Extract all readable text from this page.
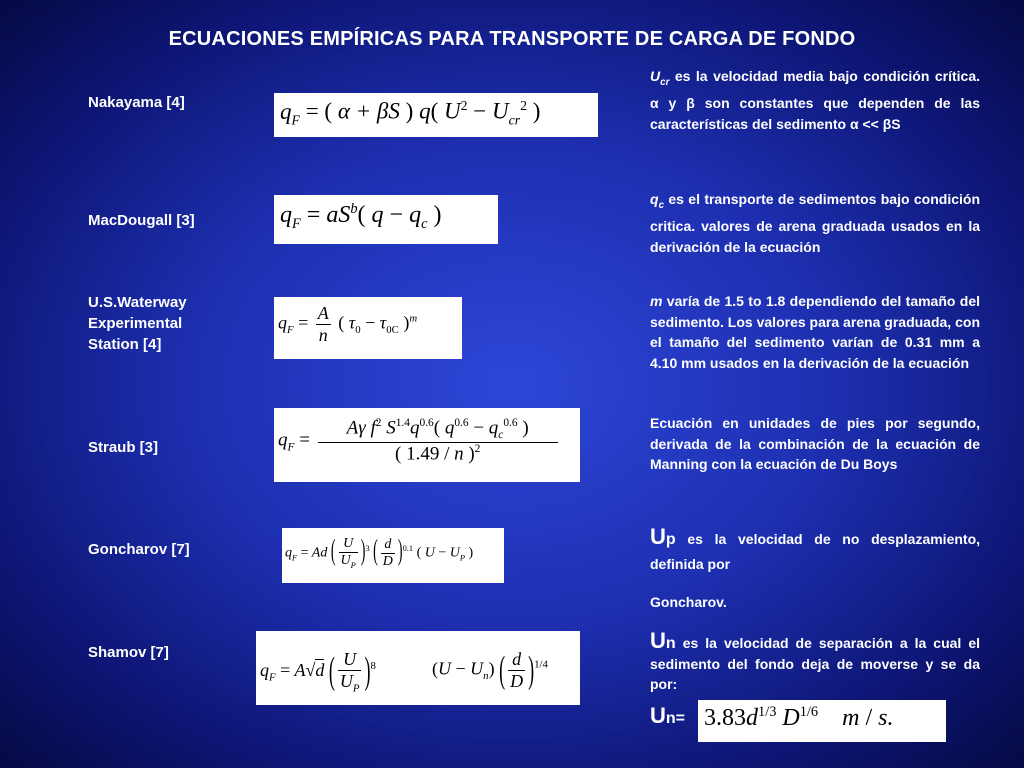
ECUACIONES EMPÍRICAS PARA TRANSPORTE DE CARGA DE FONDO
Nakayama [4]	$q_F$ = ( α + βS ) q( $U^2 - U_{cr}^2$ )
$U_{cr}$ es la velocidad media bajo condición crítica. α y β son constantes que dependen de las características del sedimento α << βS
MacDougall [3]	$q_F = aS^b$( $q - q_c$ )
$q_c$ es el transporte de sedimentos bajo condición critica. valores de arena graduada usados en la derivación de la ecuación
U.S.Waterway
Experimental
Station [4]
$q_F = \frac{A}{n}$ ( $\tau_0 - \tau_{0C}$ )$^m$
m varía de 1.5 to 1.8 dependiendo del tamaño del sedimento. Los valores para arena graduada, con el tamaño del sedimento varían de 0.31 mm a 4.10 mm usados en la derivación de la ecuación
Straub [3]	$q_F = \frac{A\gamma f^2 S^{1.4}q^{0.6}( q^{0.6} - q_c^{0.6} )}{( 1.49 / n )^2}$	Ecuación en unidades de pies por segundo, derivada de la combinación de la ecuación de Manning con la ecuación de Du Boys
Goncharov [7]	$q_F = Ad$ ( $\frac{U}{U_P} )^3$ ( $\frac{d}{D} )^{0.1}$ ( $U - U_P$ )
Up es la velocidad de no desplazamiento, definida por
Goncharov.
Shamov [7]
$q_F = A√d$ ( $\frac{U}{U_P} )^8$	$(U - U_n)$ ( $\frac{d}{D} )^{1/4}$
Un es la velocidad de separación a la cual el sedimento del fondo deja de moverse y se da por:
$Un= 3.83d^{1/3}$ $D^{1/6}$    m / s.
